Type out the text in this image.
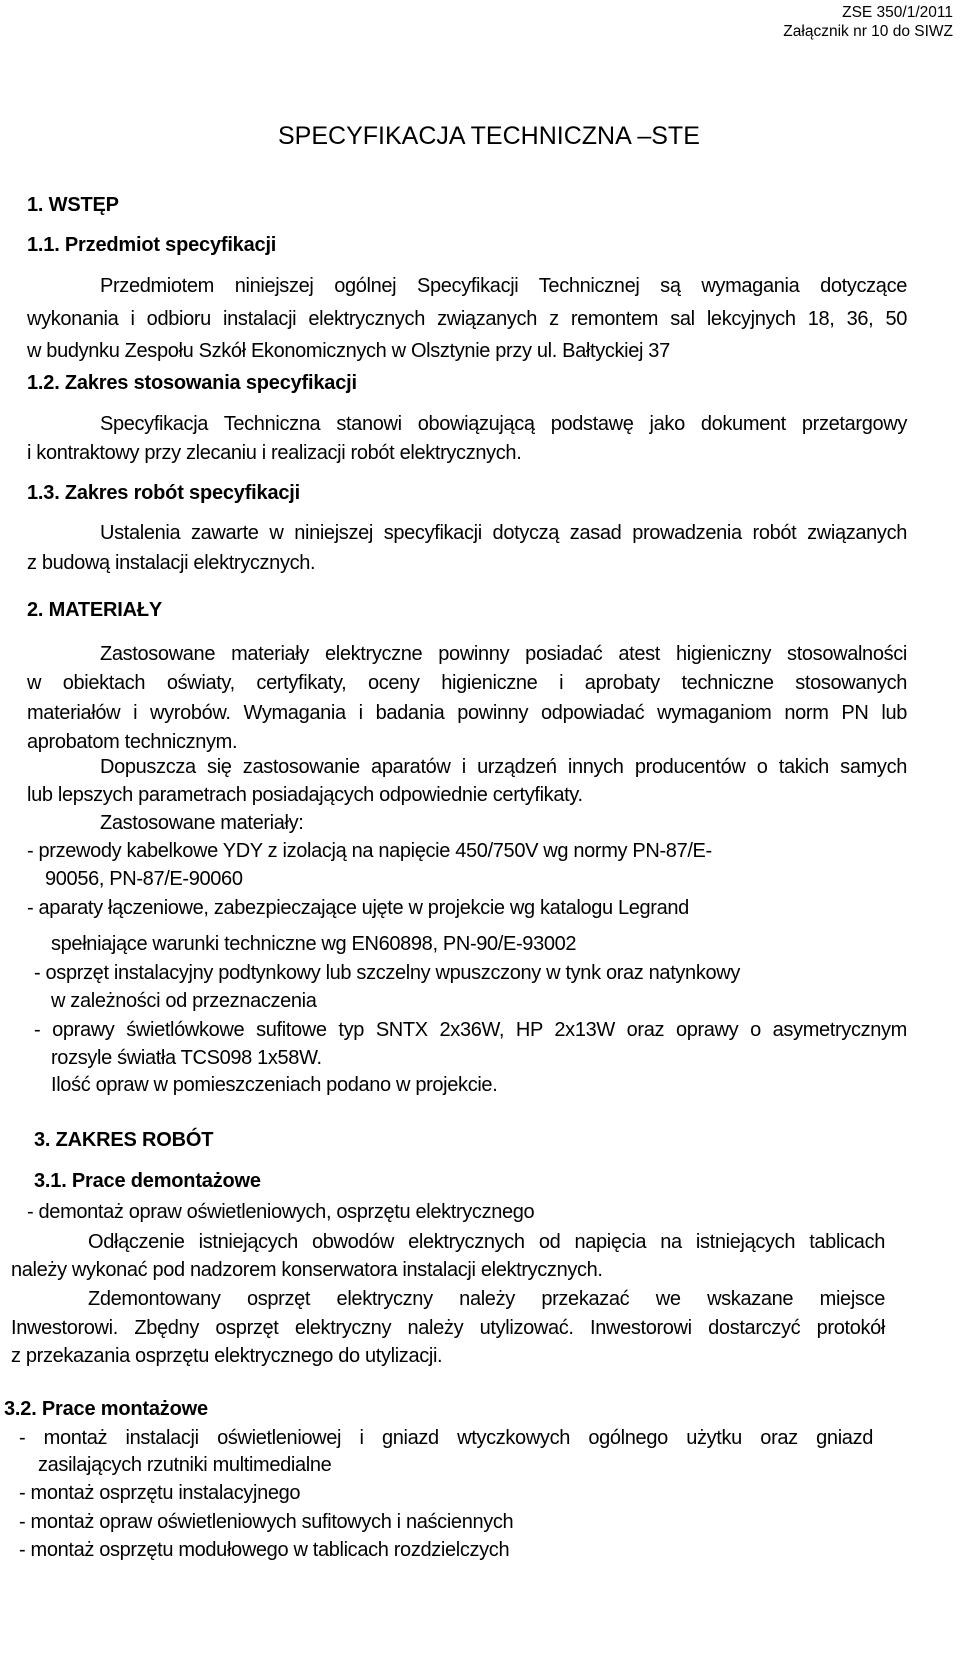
ZSE 350/1/2011
Załącznik nr 10 do SIWZ
SPECYFIKACJA TECHNICZNA –STE
1. WSTĘP
1.1. Przedmiot specyfikacji
Przedmiotem niniejszej ogólnej Specyfikacji Technicznej są wymagania dotyczące
wykonania i odbioru instalacji elektrycznych związanych z remontem sal lekcyjnych 18, 36, 50
w budynku Zespołu Szkół Ekonomicznych w Olsztynie przy ul. Bałtyckiej 37
1.2. Zakres stosowania specyfikacji
Specyfikacja Techniczna stanowi obowiązującą podstawę jako dokument przetargowy
i kontraktowy przy zlecaniu i realizacji robót elektrycznych.
1.3. Zakres robót specyfikacji
Ustalenia zawarte w niniejszej specyfikacji dotyczą zasad prowadzenia robót związanych
z budową instalacji elektrycznych.
2. MATERIAŁY
Zastosowane materiały elektryczne powinny posiadać atest higieniczny stosowalności
w obiektach oświaty, certyfikaty, oceny higieniczne i aprobaty techniczne stosowanych
materiałów i wyrobów. Wymagania i badania powinny odpowiadać wymaganiom norm PN lub
aprobatom technicznym.
Dopuszcza się zastosowanie aparatów i urządzeń innych producentów o takich samych
lub lepszych parametrach posiadających odpowiednie certyfikaty.
Zastosowane materiały:
- przewody kabelkowe YDY z izolacją na napięcie 450/750V wg normy PN-87/E-
90056, PN-87/E-90060
- aparaty łączeniowe, zabezpieczające ujęte w projekcie wg katalogu Legrand
spełniające warunki techniczne wg EN60898, PN-90/E-93002
- osprzęt instalacyjny podtynkowy lub szczelny wpuszczony w tynk oraz natynkowy
w zależności od przeznaczenia
- oprawy świetlówkowe sufitowe typ SNTX 2x36W, HP 2x13W oraz oprawy o asymetrycznym
rozsyle światła TCS098 1x58W.
Ilość opraw w pomieszczeniach podano w projekcie.
3. ZAKRES ROBÓT
3.1. Prace demontażowe
- demontaż opraw oświetleniowych, osprzętu elektrycznego
Odłączenie istniejących obwodów elektrycznych od napięcia na istniejących tablicach
należy wykonać pod nadzorem konserwatora instalacji elektrycznych.
Zdemontowany osprzęt elektryczny należy przekazać we wskazane miejsce
Inwestorowi. Zbędny osprzęt elektryczny należy utylizować. Inwestorowi dostarczyć protokół
z przekazania osprzętu elektrycznego do utylizacji.
3.2. Prace montażowe
- montaż instalacji oświetleniowej i gniazd wtyczkowych ogólnego użytku oraz gniazd
zasilających rzutniki multimedialne
- montaż osprzętu instalacyjnego
- montaż opraw oświetleniowych sufitowych i naściennych
- montaż osprzętu modułowego w tablicach rozdzielczych
